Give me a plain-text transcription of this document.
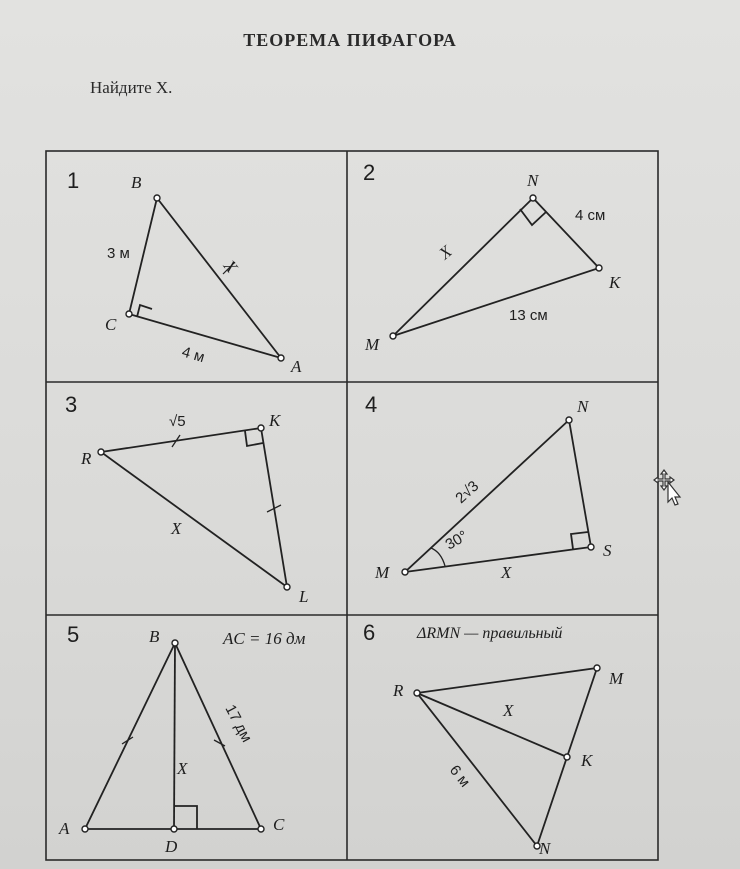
ТЕОРЕМА ПИФАГОРА
Найдите X.
1	B
C
A
3 м
4 м
X
2	N
K
M
4 см
13 см
X
3
R
K
L
√5
X
4	N
S
M
2√3
30°
X
5	B
A	C
D
AC = 16 дм
17 дм
X
6
R
M
K
N
ΔRMN — правильный
6 м
X
